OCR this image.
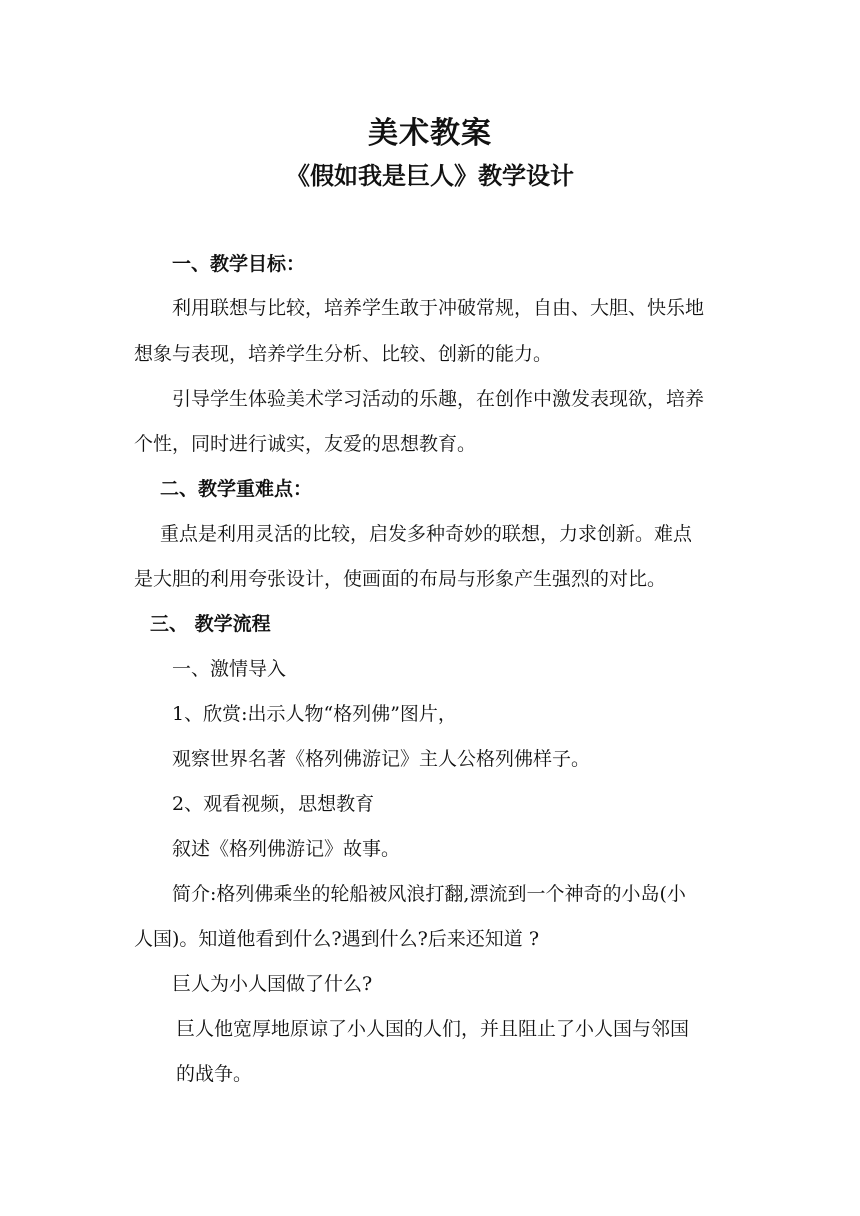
美术教案
《假如我是巨人》教学设计
一、教学目标：
利用联想与比较，培养学生敢于冲破常规，自由、大胆、快乐地
想象与表现，培养学生分析、比较、创新的能力。
引导学生体验美术学习活动的乐趣，在创作中激发表现欲，培养
个性，同时进行诚实，友爱的思想教育。
二、教学重难点：
重点是利用灵活的比较，启发多种奇妙的联想，力求创新。难点
是大胆的利用夸张设计，使画面的布局与形象产生强烈的对比。
三、 教学流程
一、激情导入
1、欣赏:出示人物“格列佛”图片，
观察世界名著《格列佛游记》主人公格列佛样子。
2、观看视频，思想教育
叙述《格列佛游记》故事。
简介:格列佛乘坐的轮船被风浪打翻,漂流到一个神奇的小岛(小
人国)。知道他看到什么?遇到什么?后来还知道 ?
巨人为小人国做了什么?
巨人他宽厚地原谅了小人国的人们，并且阻止了小人国与邻国
的战争。
